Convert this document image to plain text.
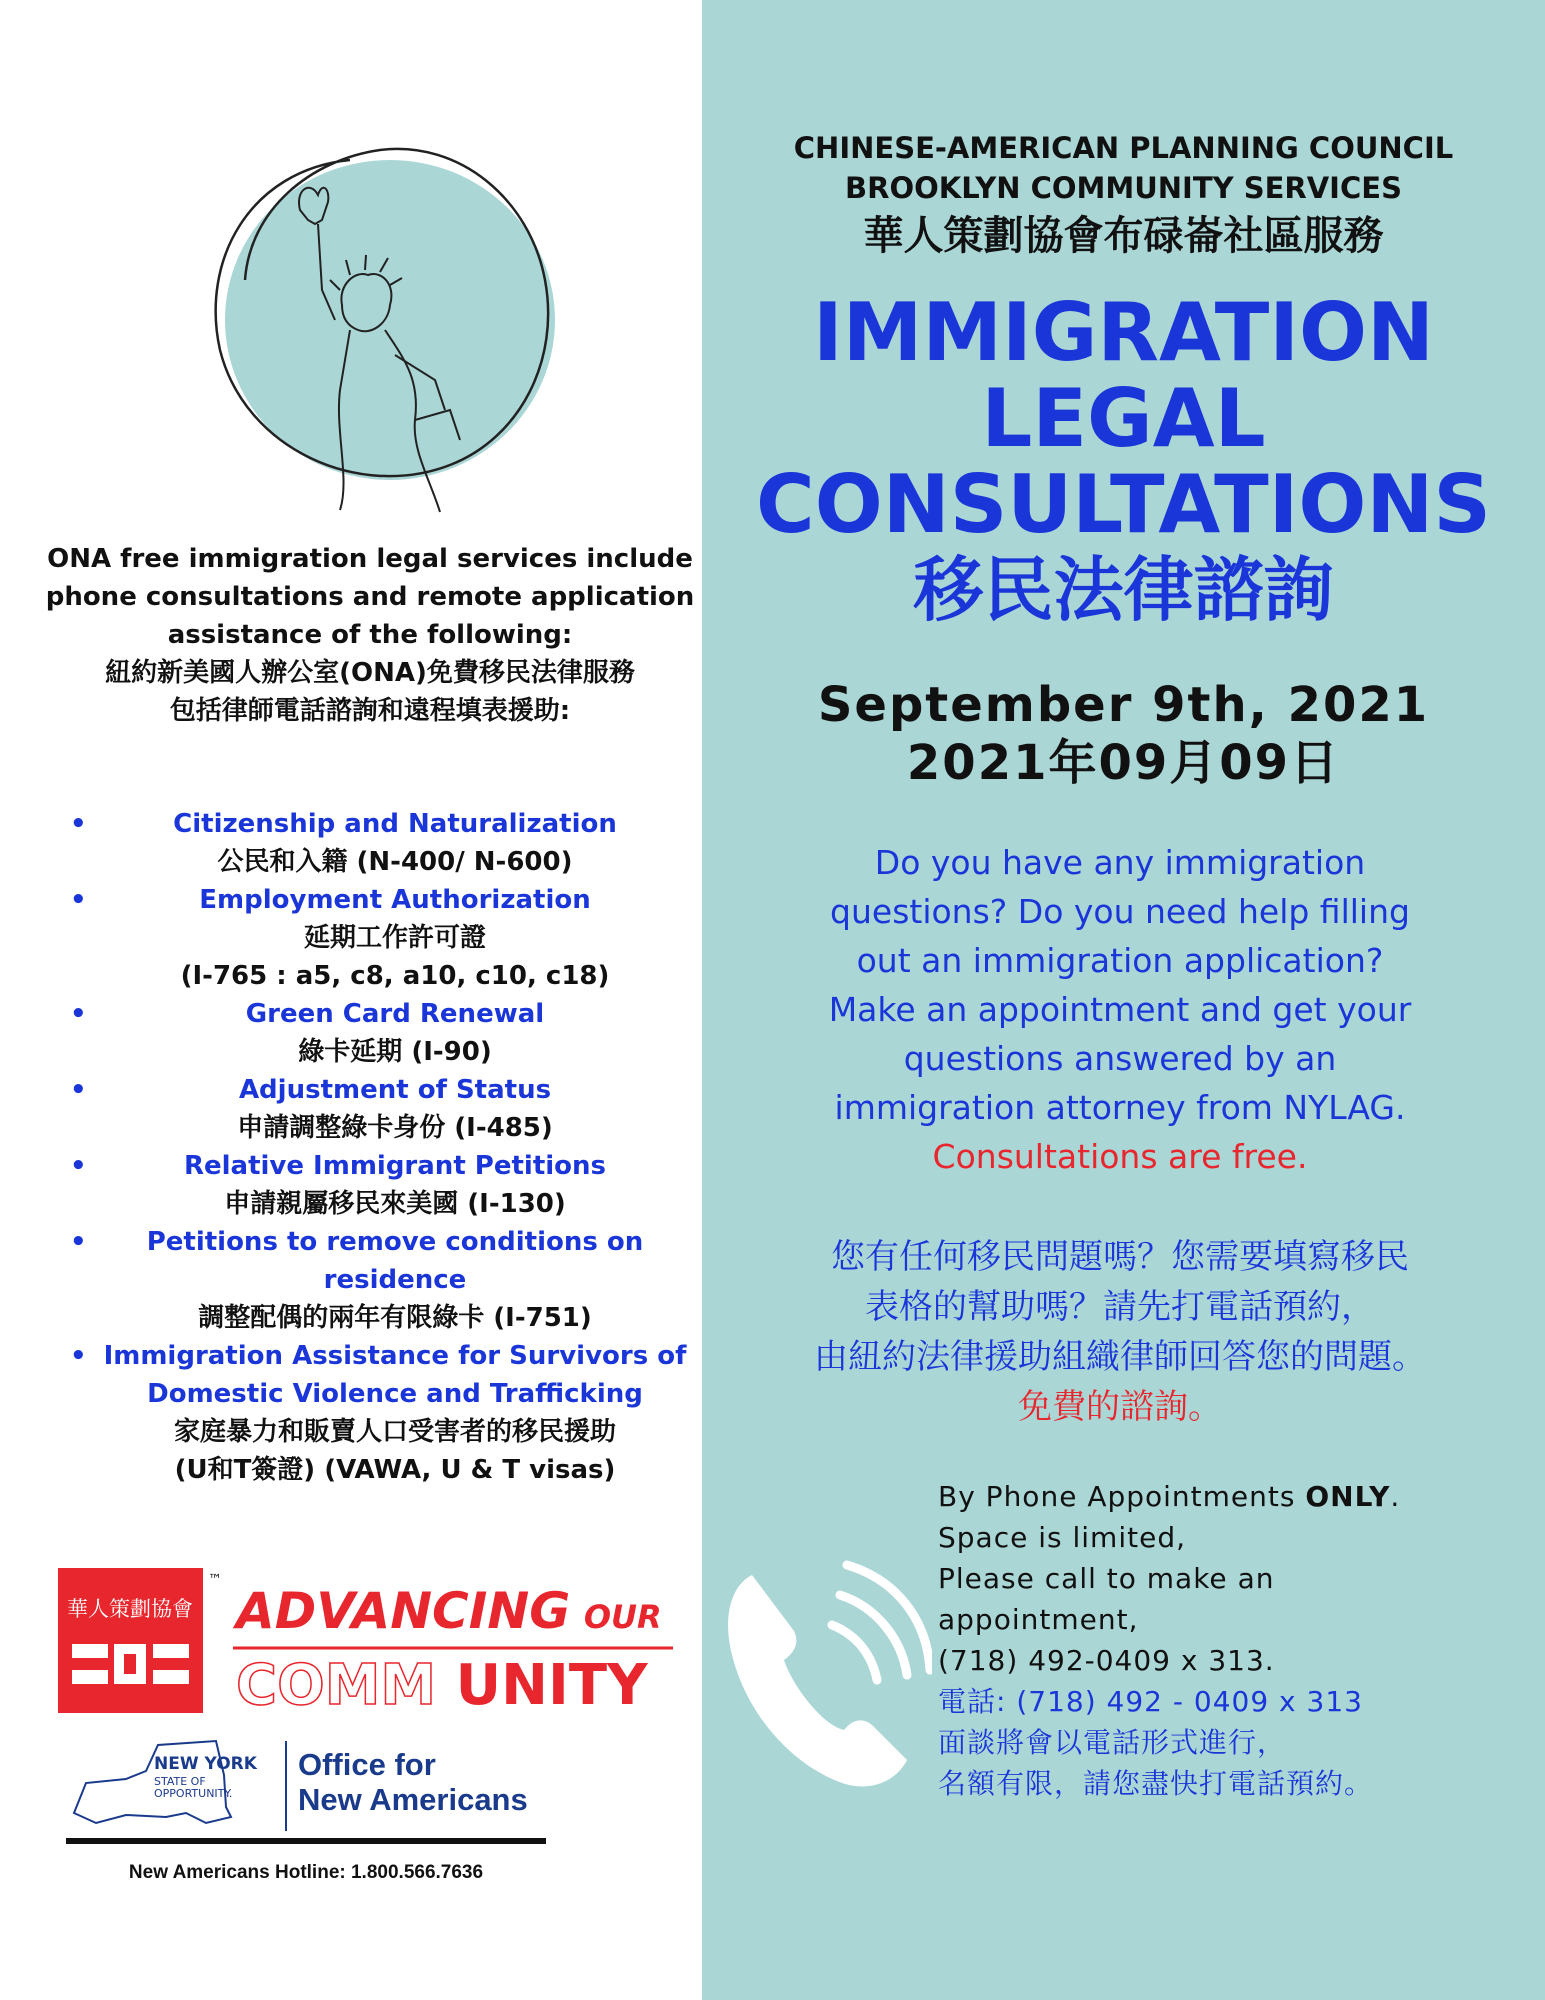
ONA free immigration legal services include phone consultations and remote application assistance of the following:
紐約新美國人辦公室(ONA)免費移民法律服務
包括律師電話諮詢和遠程填表援助:
•	Citizenship and Naturalization
公民和入籍 (N-400/ N-600)
•	Employment Authorization
延期工作許可證
(I-765 : a5, c8, a10, c10, c18)
•	Green Card Renewal
綠卡延期 (I-90)
•	Adjustment of Status
申請調整綠卡身份 (I-485)
•	Relative Immigrant Petitions
申請親屬移民來美國 (I-130)
•	Petitions to remove conditions on residence
調整配偶的兩年有限綠卡 (I-751)
• Immigration Assistance for Survivors of Domestic Violence and Trafficking
家庭暴力和販賣人口受害者的移民援助
(U和T簽證) (VAWA, U & T visas)
華人策劃協會
™
ADVANCING OUR
COMM UNITY
NEW YORK
STATE OF
OPPORTUNITY.
Office for
New Americans
New Americans Hotline: 1.800.566.7636
CHINESE-AMERICAN PLANNING COUNCIL
BROOKLYN COMMUNITY SERVICES
華人策劃協會布碌崙社區服務
IMMIGRATION
LEGAL
CONSULTATIONS
移民法律諮詢
September 9th, 2021
2021年09月09日
Do you have any immigration
questions? Do you need help filling
out an immigration application?
Make an appointment and get your
questions answered by an
immigration attorney from NYLAG.
Consultations are free.
您有任何移民問題嗎？您需要填寫移民
表格的幫助嗎？請先打電話預約，
由紐約法律援助組織律師回答您的問題。
免費的諮詢。
By Phone Appointments ONLY.
Space is limited,
Please call to make an
appointment,
(718) 492-0409 x 313.
電話: (718) 492 - 0409 x 313
面談將會以電話形式進行，
名額有限，請您盡快打電話預約。
